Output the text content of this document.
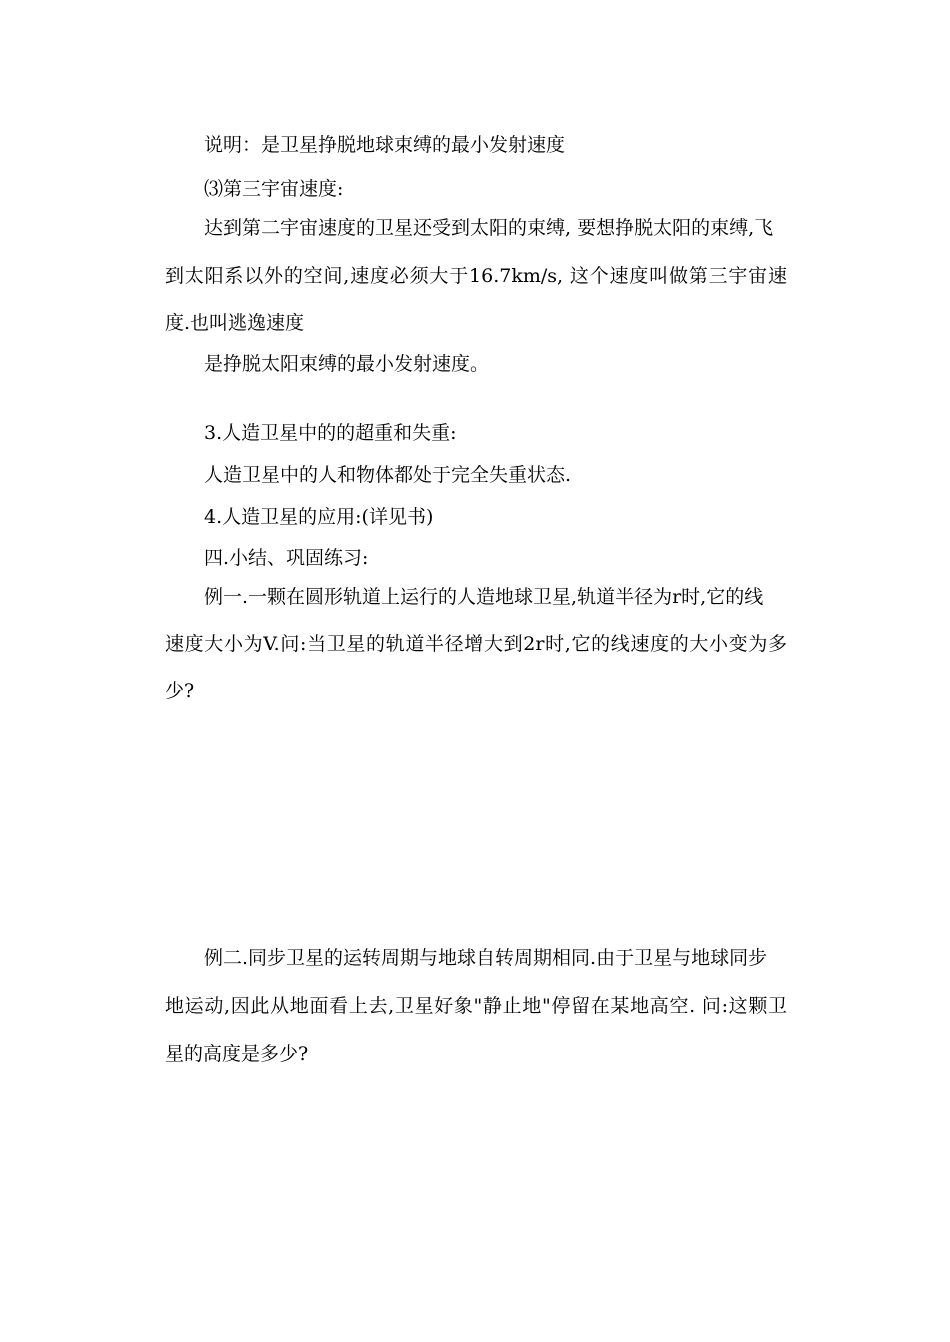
说明：是卫星挣脱地球束缚的最小发射速度
⑶第三宇宙速度:
达到第二宇宙速度的卫星还受到太阳的束缚, 要想挣脱太阳的束缚,飞
到太阳系以外的空间,速度必须大于16.7km/s, 这个速度叫做第三宇宙速
度.也叫逃逸速度
是挣脱太阳束缚的最小发射速度。
3.人造卫星中的的超重和失重:
人造卫星中的人和物体都处于完全失重状态.
4.人造卫星的应用:(详见书)
四.小结、巩固练习:
例一.一颗在圆形轨道上运行的人造地球卫星,轨道半径为r时,它的线
速度大小为V.问:当卫星的轨道半径增大到2r时,它的线速度的大小变为多
少?
例二.同步卫星的运转周期与地球自转周期相同.由于卫星与地球同步
地运动,因此从地面看上去,卫星好象"静止地"停留在某地高空. 问:这颗卫
星的高度是多少?
